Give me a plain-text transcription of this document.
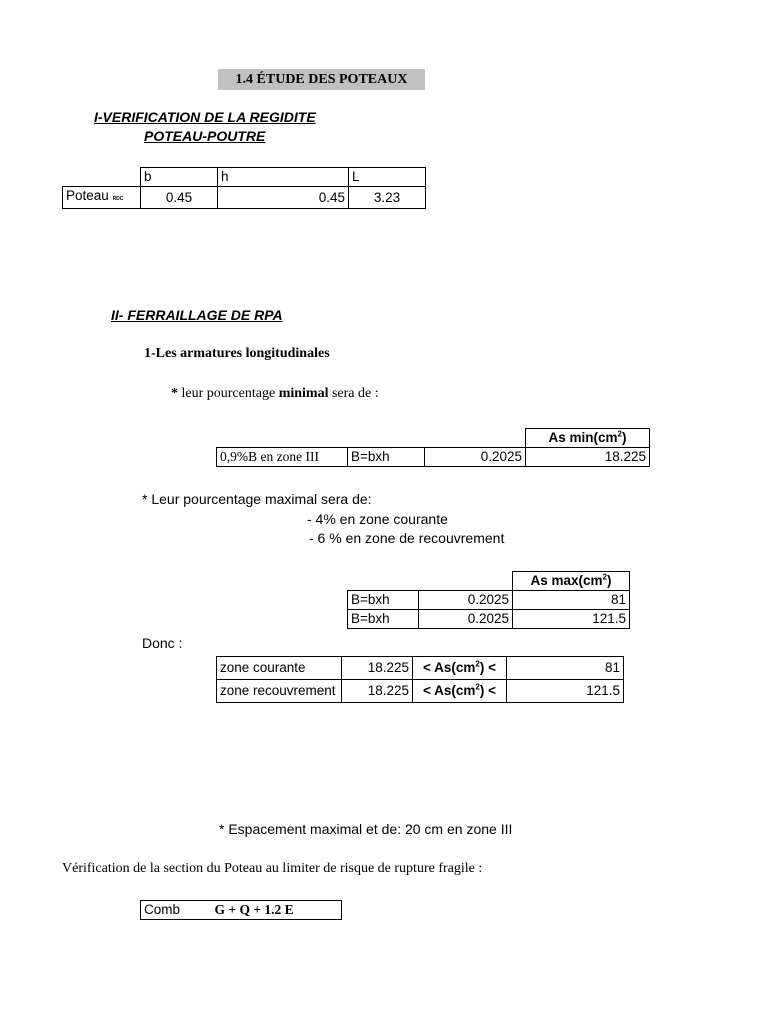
1.4 ÉTUDE DES POTEAUX
I-VERIFICATION DE LA REGIDITE
POTEAU-POUTRE
	b	h	L
Poteau RDC	0.45	0.45	3.23
II- FERRAILLAGE DE RPA
1-Les armatures longitudinales
* leur pourcentage minimal sera de :
			As $\min(cm^2)$
0,9%B en zone III	B=bxh	0.2025	18.225
* Leur pourcentage maximal sera de:
- 4% en zone courante
- 6 % en zone de recouvrement
		As $\max(cm^2)$
B=bxh	0.2025	81
B=bxh	0.2025	121.5
Donc :
zone courante	18.225	< $As(cm^2)$ <	81
zone recouvrement	18.225	< $As(cm^2)$ <	121.5
* Espacement maximal et de: 20 cm en zone III
Vérification de la section du Poteau au limiter de risque de rupture fragile :
Comb	G + Q + 1.2 E
